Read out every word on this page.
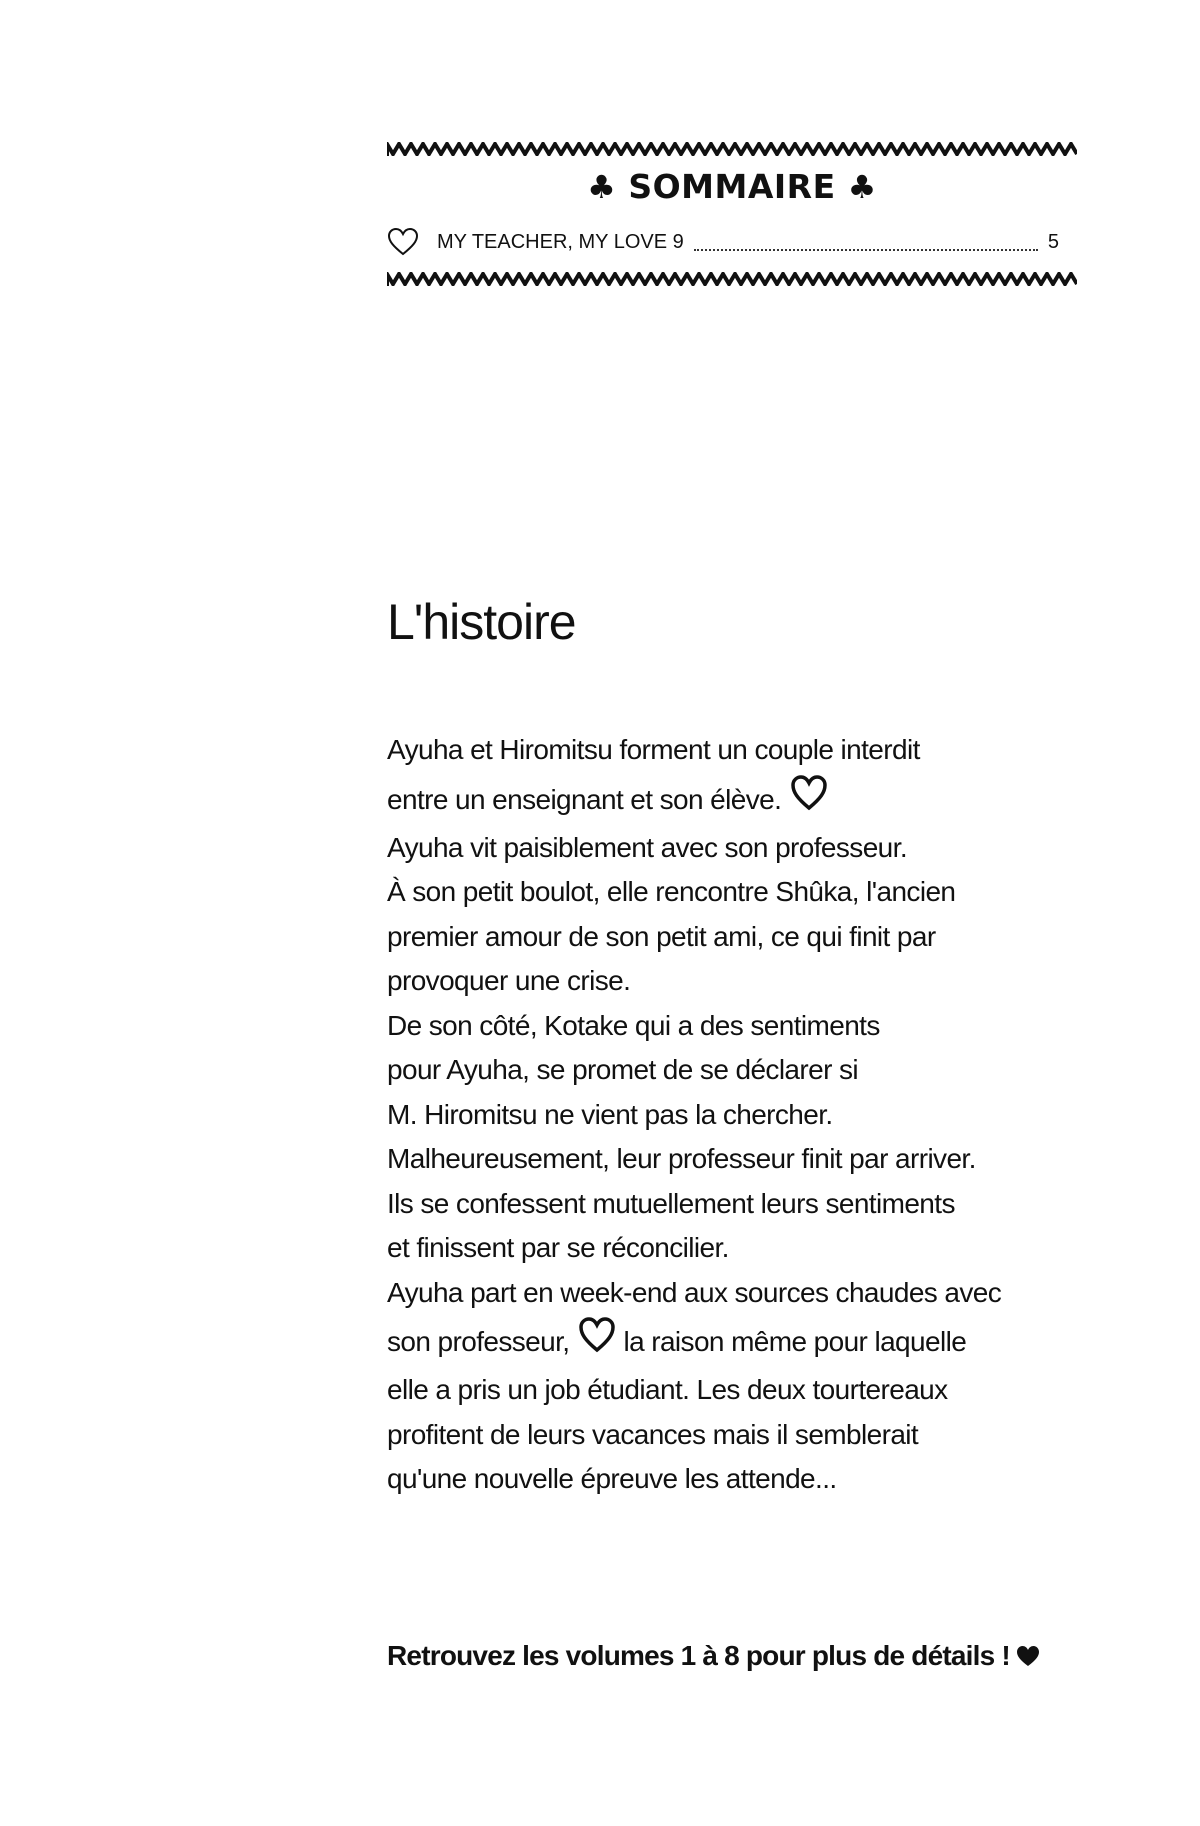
♣ SOMMAIRE ♣
MY TEACHER, MY LOVE 9	5
L'histoire
Ayuha et Hiromitsu forment un couple interdit
entre un enseignant et son élève.
Ayuha vit paisiblement avec son professeur.
À son petit boulot, elle rencontre Shûka, l'ancien
premier amour de son petit ami, ce qui finit par
provoquer une crise.
De son côté, Kotake qui a des sentiments
pour Ayuha, se promet de se déclarer si
M. Hiromitsu ne vient pas la chercher.
Malheureusement, leur professeur finit par arriver.
Ils se confessent mutuellement leurs sentiments
et finissent par se réconcilier.
Ayuha part en week-end aux sources chaudes avec
son professeur, la raison même pour laquelle
elle a pris un job étudiant. Les deux tourtereaux
profitent de leurs vacances mais il semblerait
qu'une nouvelle épreuve les attende...
Retrouvez les volumes 1 à 8 pour plus de détails !
